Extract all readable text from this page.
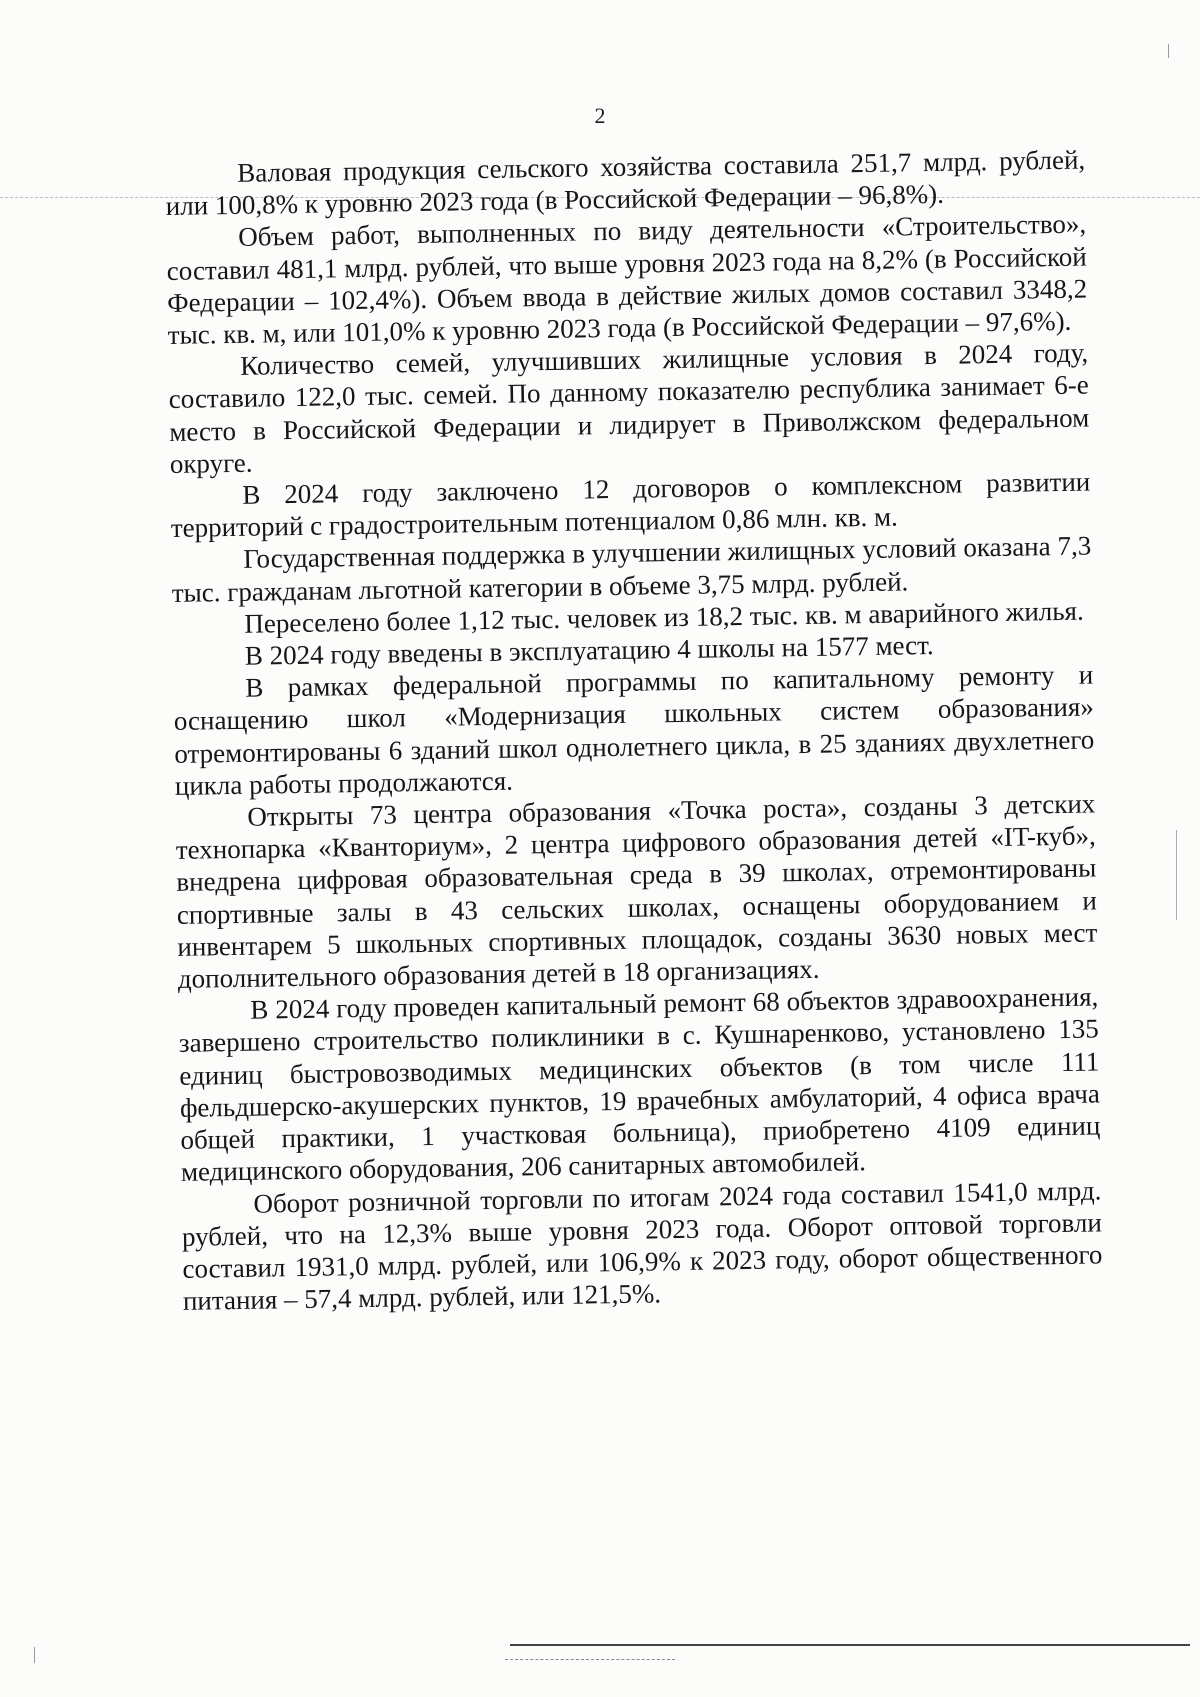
2

Валовая продукция сельского хозяйства составила 251,7 млрд. рублей, или 100,8% к уровню 2023 года (в Российской Федерации – 96,8%).

Объем работ, выполненных по виду деятельности «Строительство», составил 481,1 млрд. рублей, что выше уровня 2023 года на 8,2% (в Российской Федерации – 102,4%). Объем ввода в действие жилых домов составил 3348,2 тыс. кв. м, или 101,0% к уровню 2023 года (в Российской Федерации – 97,6%).

Количество семей, улучшивших жилищные условия в 2024 году, составило 122,0 тыс. семей. По данному показателю республика занимает 6-е место в Российской Федерации и лидирует в Приволжском федеральном округе.

В 2024 году заключено 12 договоров о комплексном развитии территорий с градостроительным потенциалом 0,86 млн. кв. м.

Государственная поддержка в улучшении жилищных условий оказана 7,3 тыс. гражданам льготной категории в объеме 3,75 млрд. рублей.

Переселено более 1,12 тыс. человек из 18,2 тыс. кв. м аварийного жилья.

В 2024 году введены в эксплуатацию 4 школы на 1577 мест.

В рамках федеральной программы по капитальному ремонту и оснащению школ «Модернизация школьных систем образования» отремонтированы 6 зданий школ однолетнего цикла, в 25 зданиях двухлетнего цикла работы продолжаются.

Открыты 73 центра образования «Точка роста», созданы 3 детских технопарка «Кванториум», 2 центра цифрового образования детей «IT-куб», внедрена цифровая образовательная среда в 39 школах, отремонтированы спортивные залы в 43 сельских школах, оснащены оборудованием и инвентарем 5 школьных спортивных площадок, созданы 3630 новых мест дополнительного образования детей в 18 организациях.

В 2024 году проведен капитальный ремонт 68 объектов здравоохранения, завершено строительство поликлиники в с. Кушнаренково, установлено 135 единиц быстровозводимых медицинских объектов (в том числе 111 фельдшерско-акушерских пунктов, 19 врачебных амбулаторий, 4 офиса врача общей практики, 1 участковая больница), приобретено 4109 единиц медицинского оборудования, 206 санитарных автомобилей.

Оборот розничной торговли по итогам 2024 года составил 1541,0 млрд. рублей, что на 12,3% выше уровня 2023 года. Оборот оптовой торговли составил 1931,0 млрд. рублей, или 106,9% к 2023 году, оборот общественного питания – 57,4 млрд. рублей, или 121,5%.
